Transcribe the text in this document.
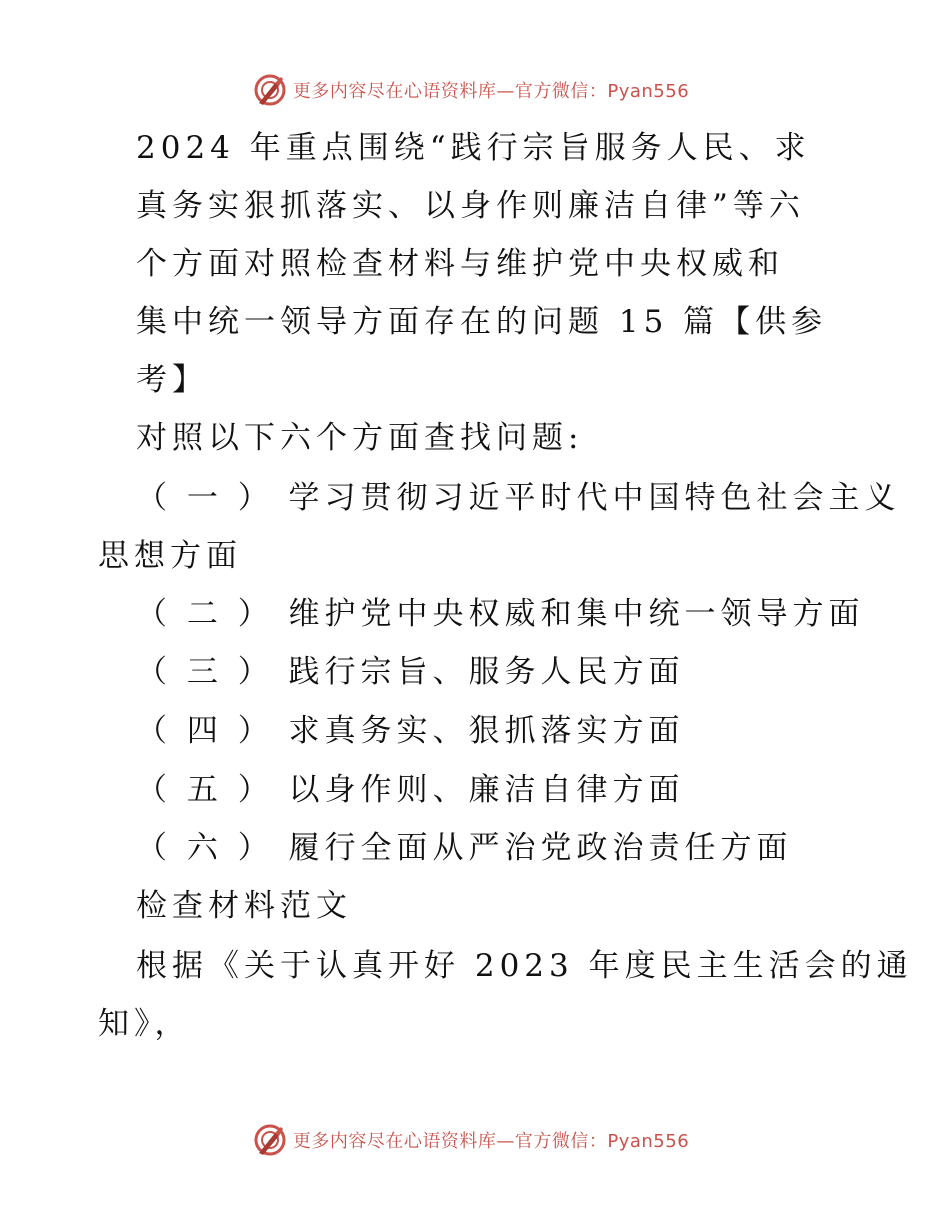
更多内容尽在心语资料库—官方微信：Pyan556
2024 年重点围绕“践行宗旨服务人民、求
真务实狠抓落实、以身作则廉洁自律”等六
个方面对照检查材料与维护党中央权威和
集中统一领导方面存在的问题 15 篇【供参
考】
对照以下六个方面查找问题:
（ 一 ） 学习贯彻习近平时代中国特色社会主义
思想方面
（ 二 ） 维护党中央权威和集中统一领导方面
（ 三 ） 践行宗旨、服务人民方面
（ 四 ） 求真务实、狠抓落实方面
（ 五 ） 以身作则、廉洁自律方面
（ 六 ） 履行全面从严治党政治责任方面
检查材料范文
根据《关于认真开好 2023 年度民主生活会的通
知》，
更多内容尽在心语资料库—官方微信：Pyan556
